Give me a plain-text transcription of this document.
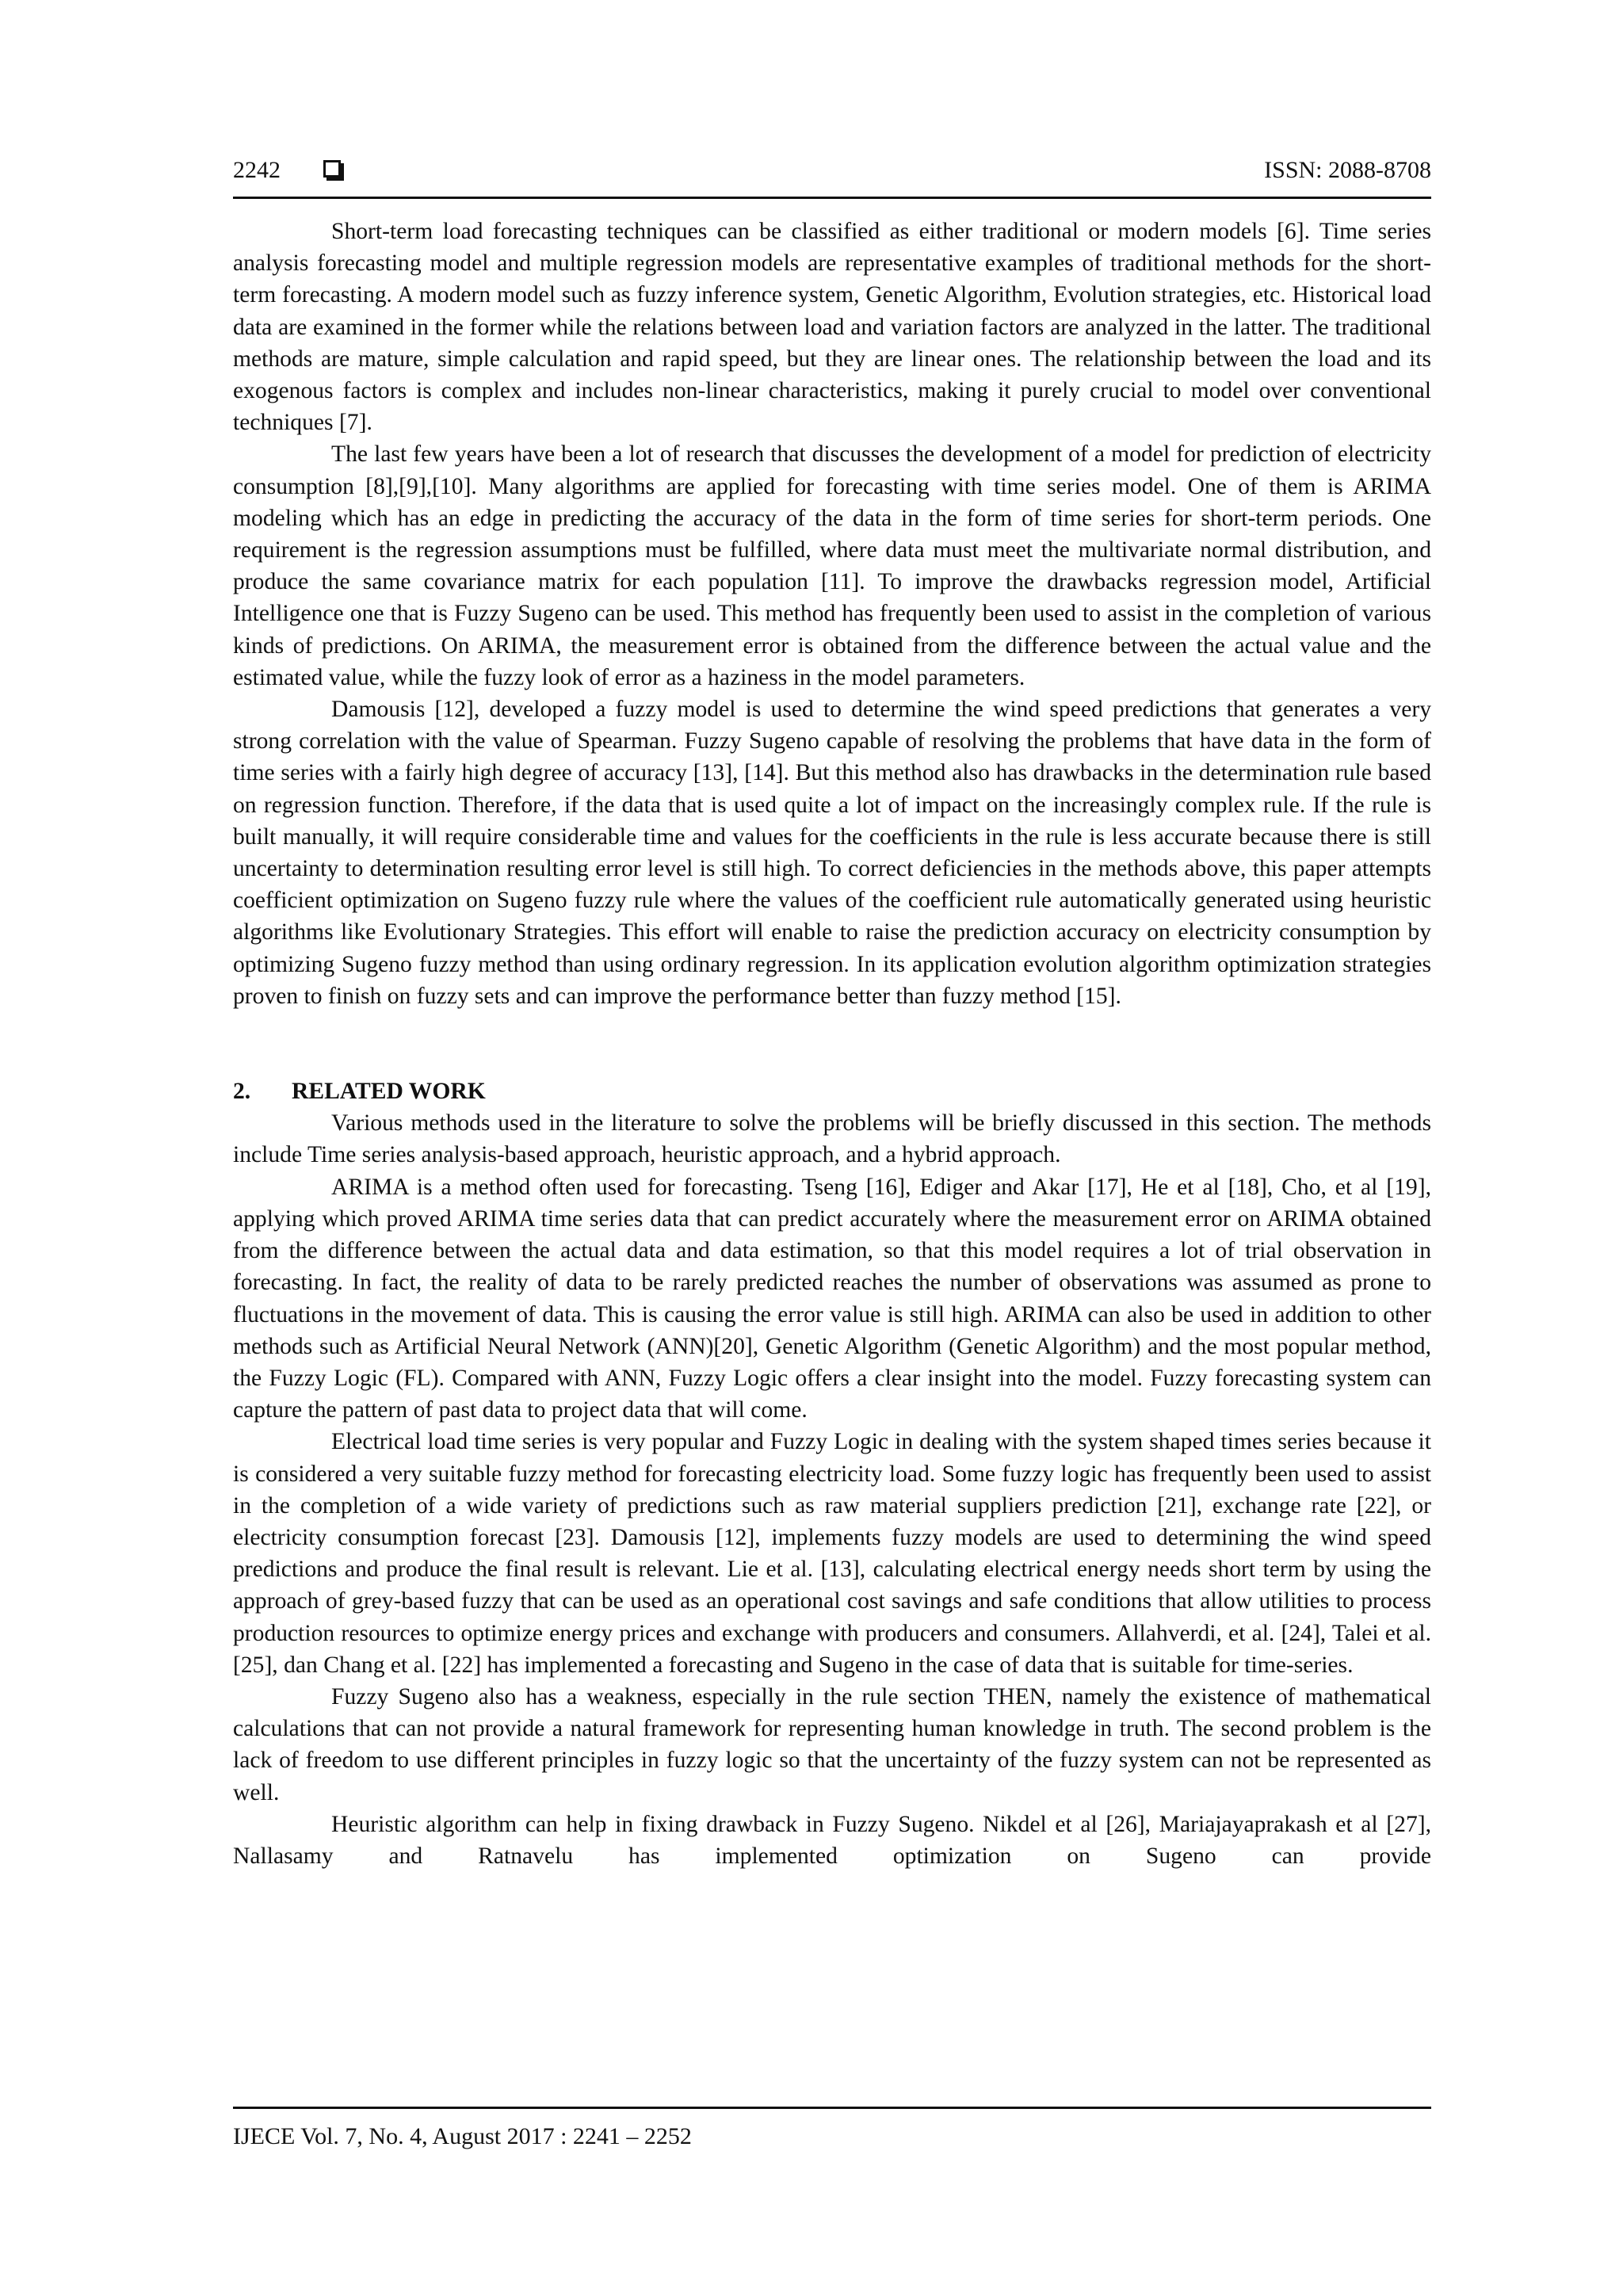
2242	ISSN: 2088-8708

Short-term load forecasting techniques can be classified as either traditional or modern models [6]. Time series analysis forecasting model and multiple regression models are representative examples of traditional methods for the short-term forecasting. A modern model such as fuzzy inference system, Genetic Algorithm, Evolution strategies, etc. Historical load data are examined in the former while the relations between load and variation factors are analyzed in the latter. The traditional methods are mature, simple calculation and rapid speed, but they are linear ones. The relationship between the load and its exogenous factors is complex and includes non-linear characteristics, making it purely crucial to model over conventional techniques [7].

The last few years have been a lot of research that discusses the development of a model for prediction of electricity consumption [8],[9],[10]. Many algorithms are applied for forecasting with time series model. One of them is ARIMA modeling which has an edge in predicting the accuracy of the data in the form of time series for short-term periods. One requirement is the regression assumptions must be fulfilled, where data must meet the multivariate normal distribution, and produce the same covariance matrix for each population [11]. To improve the drawbacks regression model, Artificial Intelligence one that is Fuzzy Sugeno can be used. This method has frequently been used to assist in the completion of various kinds of predictions. On ARIMA, the measurement error is obtained from the difference between the actual value and the estimated value, while the fuzzy look of error as a haziness in the model parameters.

Damousis [12], developed a fuzzy model is used to determine the wind speed predictions that generates a very strong correlation with the value of Spearman. Fuzzy Sugeno capable of resolving the problems that have data in the form of time series with a fairly high degree of accuracy [13], [14]. But this method also has drawbacks in the determination rule based on regression function. Therefore, if the data that is used quite a lot of impact on the increasingly complex rule. If the rule is built manually, it will require considerable time and values for the coefficients in the rule is less accurate because there is still uncertainty to determination resulting error level is still high. To correct deficiencies in the methods above, this paper attempts coefficient optimization on Sugeno fuzzy rule where the values of the coefficient rule automatically generated using heuristic algorithms like Evolutionary Strategies. This effort will enable to raise the prediction accuracy on electricity consumption by optimizing Sugeno fuzzy method than using ordinary regression. In its application evolution algorithm optimization strategies proven to finish on fuzzy sets and can improve the performance better than fuzzy method [15].

2. RELATED WORK

Various methods used in the literature to solve the problems will be briefly discussed in this section. The methods include Time series analysis-based approach, heuristic approach, and a hybrid approach.

ARIMA is a method often used for forecasting. Tseng [16], Ediger and Akar [17], He et al [18], Cho, et al [19], applying which proved ARIMA time series data that can predict accurately where the measurement error on ARIMA obtained from the difference between the actual data and data estimation, so that this model requires a lot of trial observation in forecasting. In fact, the reality of data to be rarely predicted reaches the number of observations was assumed as prone to fluctuations in the movement of data. This is causing the error value is still high. ARIMA can also be used in addition to other methods such as Artificial Neural Network (ANN)[20], Genetic Algorithm (Genetic Algorithm) and the most popular method, the Fuzzy Logic (FL). Compared with ANN, Fuzzy Logic offers a clear insight into the model. Fuzzy forecasting system can capture the pattern of past data to project data that will come.

Electrical load time series is very popular and Fuzzy Logic in dealing with the system shaped times series because it is considered a very suitable fuzzy method for forecasting electricity load. Some fuzzy logic has frequently been used to assist in the completion of a wide variety of predictions such as raw material suppliers prediction [21], exchange rate [22], or electricity consumption forecast [23]. Damousis [12], implements fuzzy models are used to determining the wind speed predictions and produce the final result is relevant. Lie et al. [13], calculating electrical energy needs short term by using the approach of grey-based fuzzy that can be used as an operational cost savings and safe conditions that allow utilities to process production resources to optimize energy prices and exchange with producers and consumers. Allahverdi, et al. [24], Talei et al. [25], dan Chang et al. [22] has implemented a forecasting and Sugeno in the case of data that is suitable for time-series.

Fuzzy Sugeno also has a weakness, especially in the rule section THEN, namely the existence of mathematical calculations that can not provide a natural framework for representing human knowledge in truth. The second problem is the lack of freedom to use different principles in fuzzy logic so that the uncertainty of the fuzzy system can not be represented as well.

Heuristic algorithm can help in fixing drawback in Fuzzy Sugeno. Nikdel et al [26], Mariajayaprakash et al [27], Nallasamy and Ratnavelu has implemented optimization on Sugeno can provide

IJECE Vol. 7, No. 4, August 2017 : 2241 – 2252
